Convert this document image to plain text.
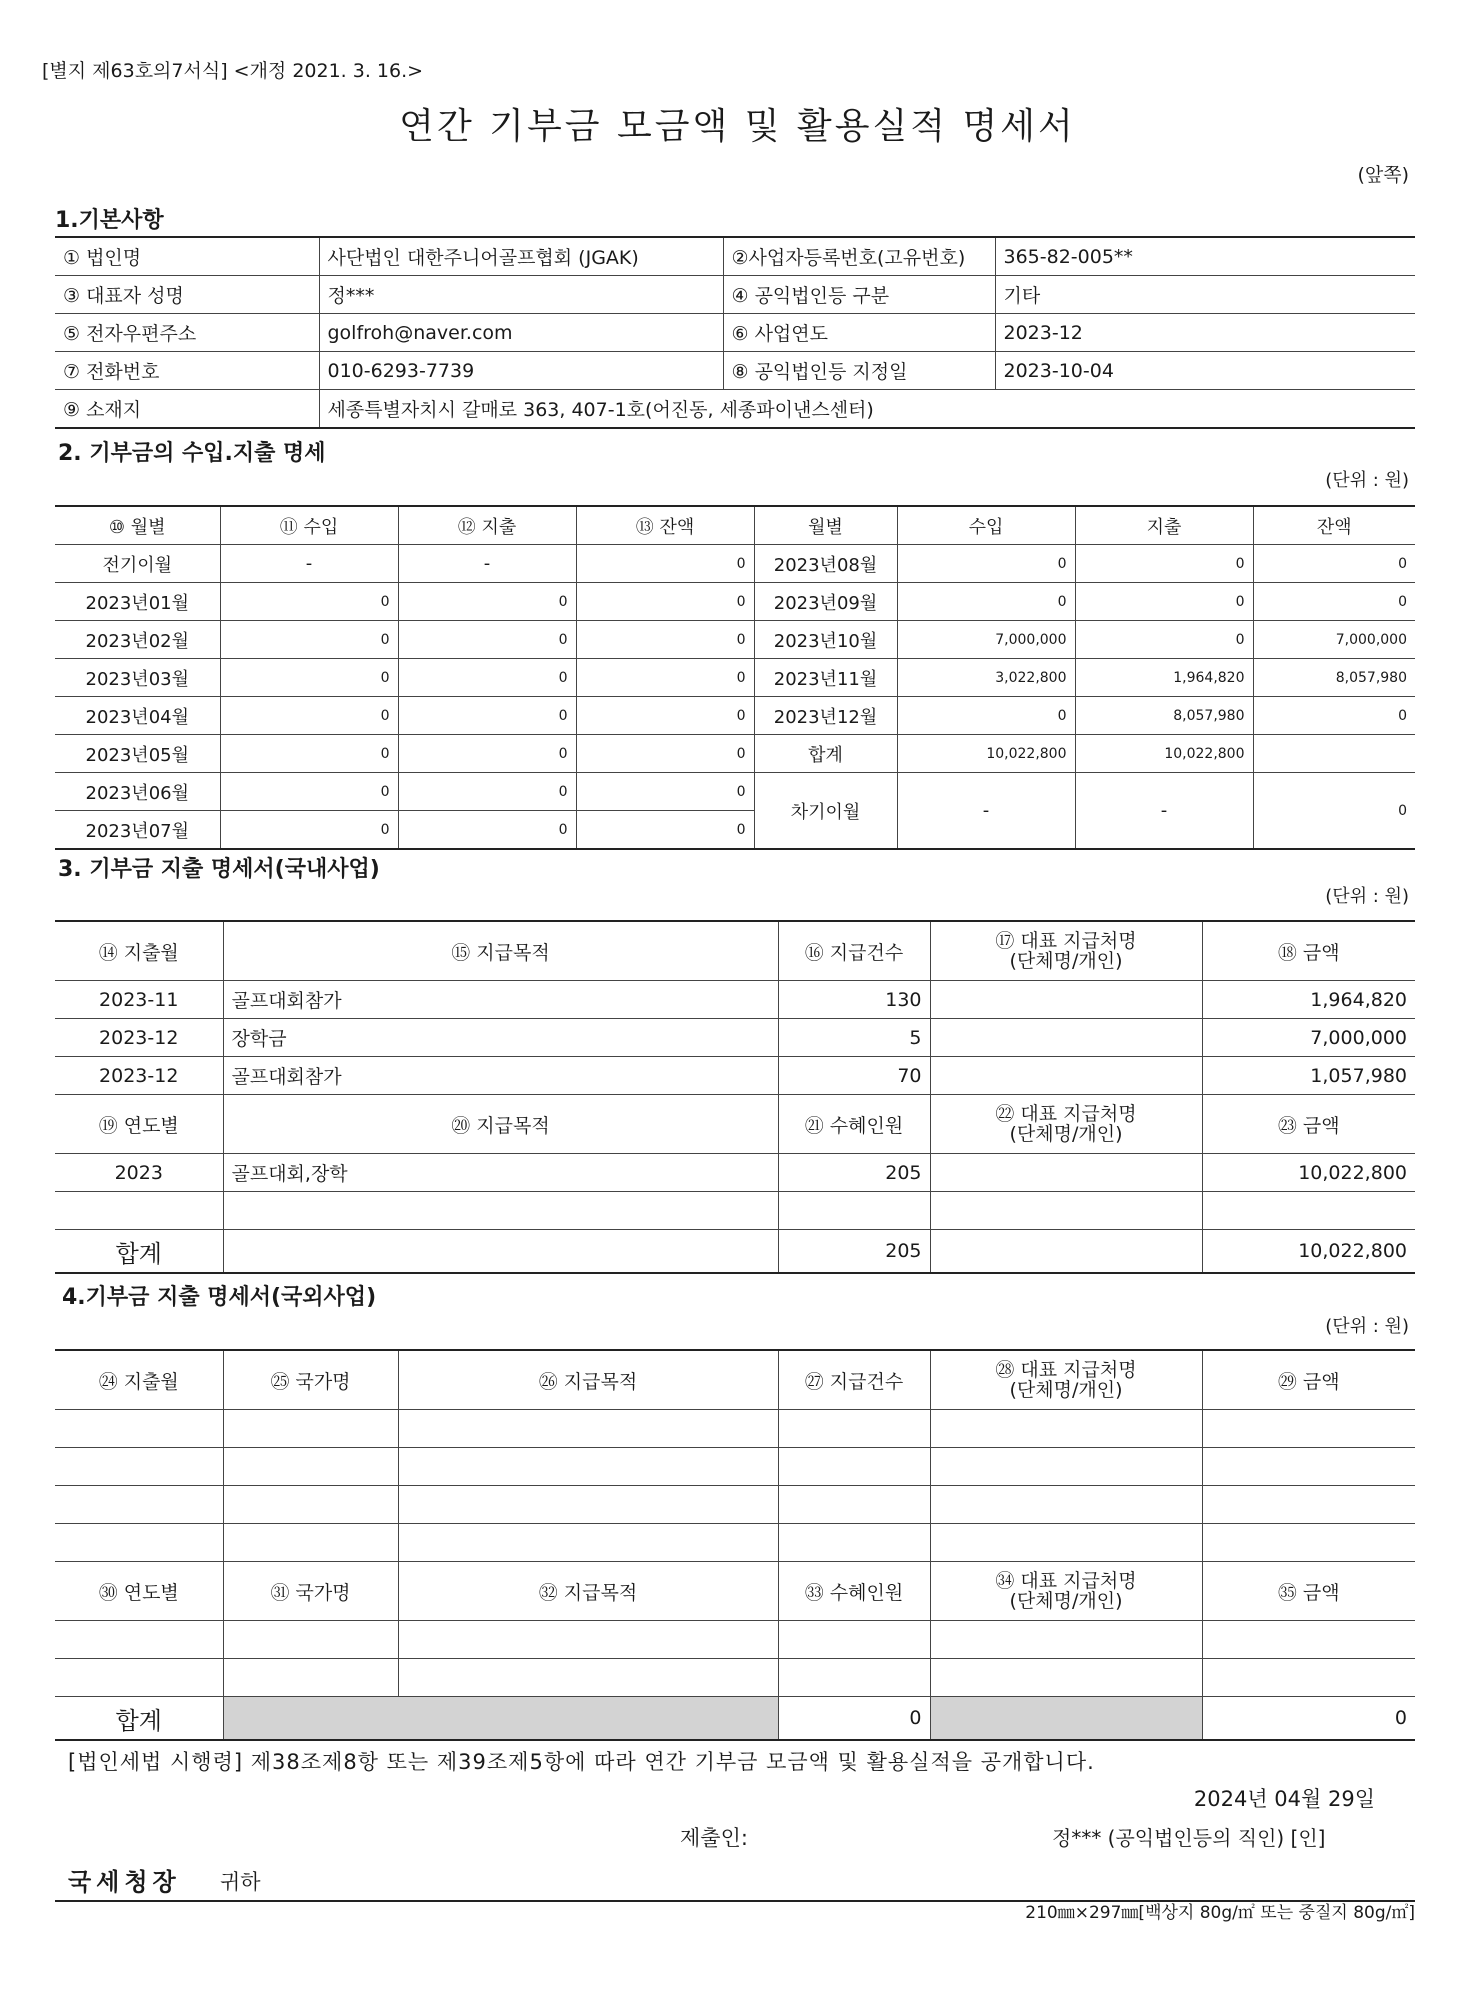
[별지 제63호의7서식] <개정 2021. 3. 16.>
연간 기부금 모금액 및 활용실적 명세서
(앞쪽)
1.기본사항
① 법인명	사단법인 대한주니어골프협회 (JGAK)	②사업자등록번호(고유번호)	365-82-005**
③ 대표자 성명	정***	④ 공익법인등 구분	기타
⑤ 전자우편주소	golfroh@naver.com	⑥ 사업연도	2023-12
⑦ 전화번호	010-6293-7739	⑧ 공익법인등 지정일	2023-10-04
⑨ 소재지	세종특별자치시 갈매로 363, 407-1호(어진동, 세종파이낸스센터)		
2. 기부금의 수입.지출 명세
(단위 : 원)
⑩ 월별	⑪ 수입	⑫ 지출	⑬ 잔액	월별	수입	지출	잔액
전기이월	-	-	0	2023년08월	0	0	0
2023년01월	0	0	0	2023년09월	0	0	0
2023년02월	0	0	0	2023년10월	7,000,000	0	7,000,000
2023년03월	0	0	0	2023년11월	3,022,800	1,964,820	8,057,980
2023년04월	0	0	0	2023년12월	0	8,057,980	0
2023년05월	0	0	0	합계	10,022,800	10,022,800	
2023년06월	0	0	0	차기이월	-	-	0
2023년07월	0	0	0				
3. 기부금 지출 명세서(국내사업)
(단위 : 원)
⑭ 지출월	⑮ 지급목적	⑯ 지급건수	⑰ 대표 지급처명
(단체명/개인)	⑱ 금액
2023-11	골프대회참가	130		1,964,820
2023-12	장학금	5		7,000,000
2023-12	골프대회참가	70		1,057,980
⑲ 연도별	⑳ 지급목적	㉑ 수혜인원	㉒ 대표 지급처명
(단체명/개인)	㉓ 금액
2023	골프대회,장학	205		10,022,800

합계		205		10,022,800
4.기부금 지출 명세서(국외사업)
(단위 : 원)
㉔ 지출월	㉕ 국가명	㉖ 지급목적	㉗ 지급건수	㉘ 대표 지급처명
(단체명/개인)	㉙ 금액

㉚ 연도별	㉛ 국가명	㉜ 지급목적	㉝ 수혜인원	㉞ 대표 지급처명
(단체명/개인)	㉟ 금액

합계			0		0
[법인세법 시행령] 제38조제8항 또는 제39조제5항에 따라 연간 기부금 모금액 및 활용실적을 공개합니다.
2024년 04월 29일
제출인:	정*** (공익법인등의 직인) [인]
국세청장 귀하
210㎜×297㎜[백상지 80g/㎡ 또는 중질지 80g/㎡]
